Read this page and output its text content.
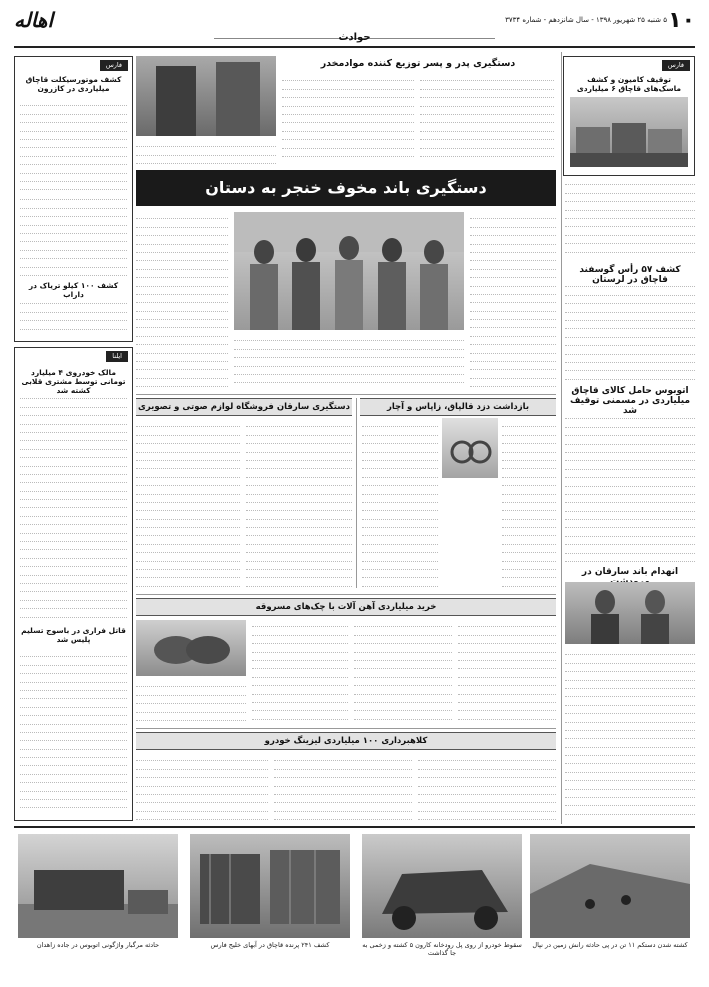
۱۰
۵ شنبه ۲۵ شهریور ۱۳۹۸ - سال شانزدهم - شماره ۳۷۳۴
اهاله
حوادث
فارس
توقیف کامیون و کشف ماسک‌های قاچاق ۶ میلیاردی
کشف ۵۷ رأس گوسفند قاچاق در لرستان
اتوبوس حامل کالای قاچاق میلیاردی در مسمنی توقیف شد
انهدام باند سارقان در
فارس
کشف موتورسیکلت قاچاق میلیاردی در کازرون
کشف ۱۰۰ کیلو تریاک در داراب
ایلنا
مالک خودروی ۴ میلیارد تومانی توسط مشتری قلابی کشته شد
قاتل فراری در باسوج تسلیم پلیس شد
دستگیری پدر و پسر توزیع کننده موادمخدر
دستگیری باند مخوف خنجر به دستان
دستگیری سارقان فروشگاه لوازم صوتی و تصویری	بازداشت دزد قالپاق، زاپاس و آچار
خرید میلیاردی آهن آلات با چک‌های مسروقه
کلاهبرداری ۱۰۰ میلیاردی لیزینگ خودرو
حادثه مرگبار واژگونی اتوبوس در جاده زاهدان	کشف ۲۴۱ پرنده قاچاق در آبهای خلیج فارس	سقوط خودرو از روی پل رودخانه کارون ۵ کشته و زخمی به جا گذاشت
کشته شدن دستکم ۱۱ تن در پی حادثه رانش زمین در نپال
